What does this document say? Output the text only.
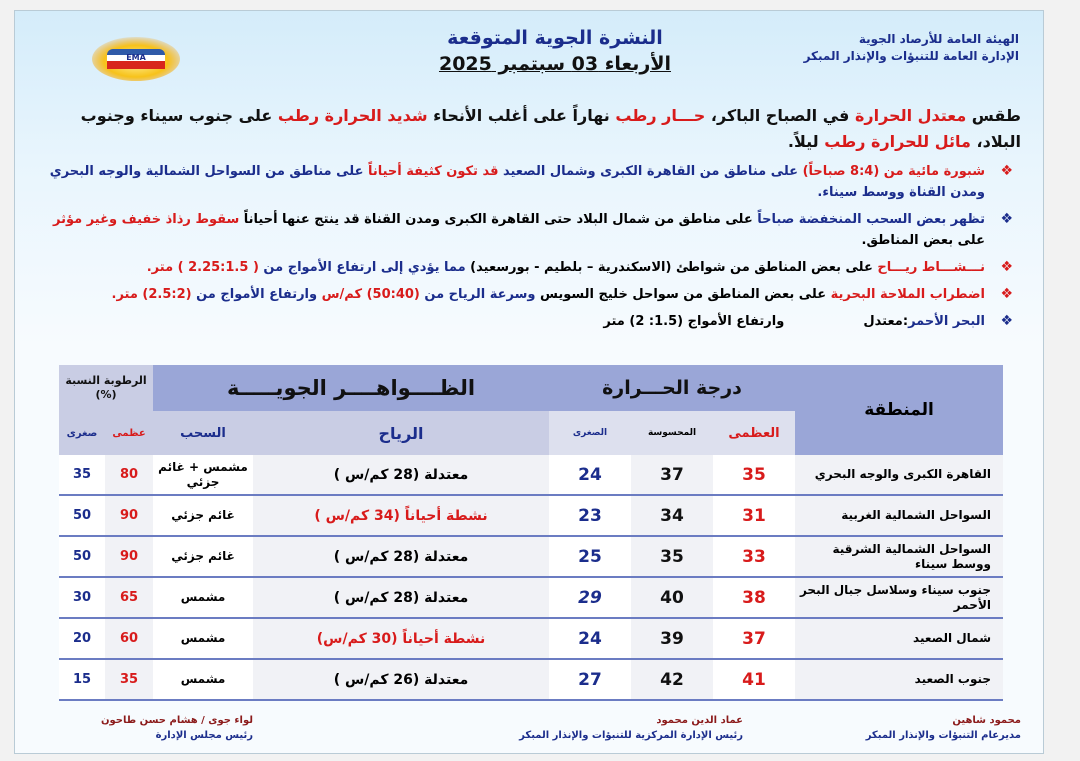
الهيئة العامة للأرصاد الجوية
الإدارة العامة للتنبؤات والإنذار المبكر
النشرة الجوية المتوقعة
الأربعاء 03 سبتمبر 2025
EMA
طقس معتدل الحرارة في الصباح الباكر، حـــار رطب نهاراً على أغلب الأنحاء شديد الحرارة رطب على جنوب سيناء وجنوب البلاد، مائل للحرارة رطب ليلاً.
❖
شبورة مائية من (8:4 صباحاً) على مناطق من القاهرة الكبرى وشمال الصعيد قد تكون كثيفة أحياناً على مناطق من السواحل الشمالية والوجه البحري ومدن القناة ووسط سيناء.
❖
تظهر بعض السحب المنخفضة صباحاً على مناطق من شمال البلاد حتى القاهرة الكبرى ومدن القناة قد ينتج عنها أحياناً سقوط رذاذ خفيف وغير مؤثر على بعض المناطق.
❖
نـــشـــاط ريـــاح على بعض المناطق من شواطئ (الاسكندرية – بلطيم - بورسعيد) مما يؤدي إلى ارتفاع الأمواج من ( 2.25:1.5 ) متر.
❖
اضطراب الملاحة البحرية على بعض المناطق من سواحل خليج السويس وسرعة الرياح من (50:40) كم/س وارتفاع الأمواج من (2.5:2) متر.
❖
البحر الأحمر:معتدل  وارتفاع الأمواج (1.5: 2) متر
المنطقة	درجة الحـــرارة			الظــــواهــــر الجويـــــة		الرطوبة النسبة (%)	
	العظمى	المحسوسة	الصغرى	الرياح	السحب	عظمى	صغرى
القاهرة الكبرى والوجه البحري	35	37	24	معتدلة (28 كم/س )	مشمس + غائم جزئي	80	35
السواحل الشمالية الغربية	31	34	23	نشطة أحياناً (34 كم/س )	غائم جزئي	90	50
السواحل الشمالية الشرقية ووسط سيناء	33	35	25	معتدلة (28 كم/س )	غائم جزئي	90	50
جنوب سيناء وسلاسل جبال البحر الأحمر	38	40	29	معتدلة (28 كم/س )	مشمس	65	30
شمال الصعيد	37	39	24	نشطة أحياناً (30 كم/س)	مشمس	60	20
جنوب الصعيد	41	42	27	معتدلة (26 كم/س )	مشمس	35	15
محمود شاهين
مديرعام التنبؤات والإنذار المبكر
عماد الدين محمود
رئيس الإدارة المركزية للتنبؤات والإنذار المبكر
لواء جوى / هشام حسن طاحون
رئيس مجلس الإدارة
